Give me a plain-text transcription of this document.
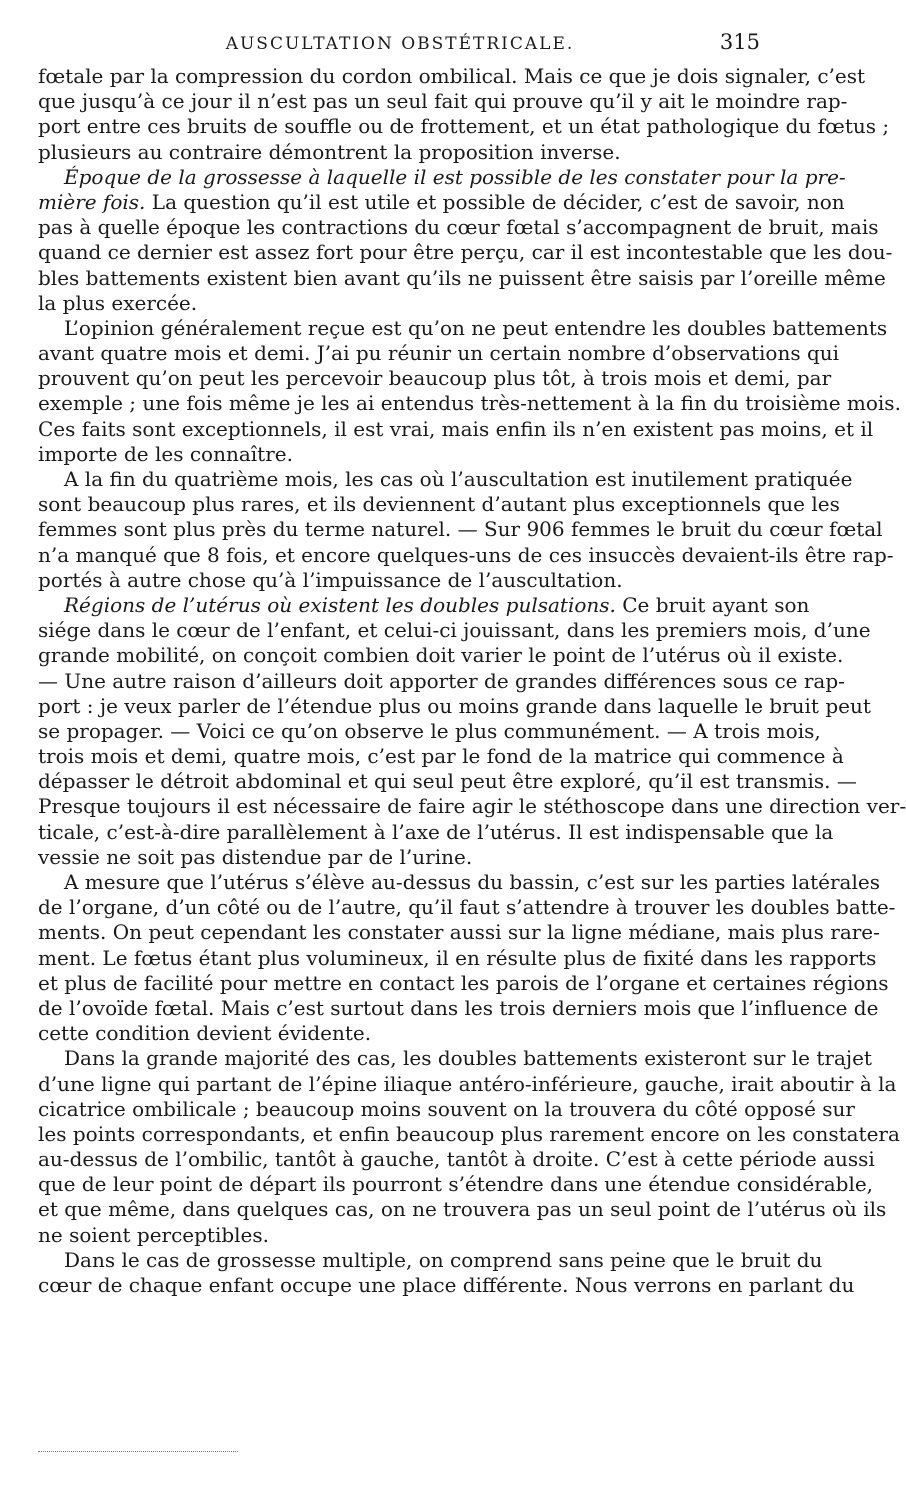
AUSCULTATION OBSTÉTRICALE.	315
fœtale par la compression du cordon ombilical. Mais ce que je dois signaler, c’est
que jusqu’à ce jour il n’est pas un seul fait qui prouve qu’il y ait le moindre rap-
port entre ces bruits de souffle ou de frottement, et un état pathologique du fœtus ;
plusieurs au contraire démontrent la proposition inverse.
Époque de la grossesse à laquelle il est possible de les constater pour la pre-
mière fois. La question qu’il est utile et possible de décider, c’est de savoir, non
pas à quelle époque les contractions du cœur fœtal s’accompagnent de bruit, mais
quand ce dernier est assez fort pour être perçu, car il est incontestable que les dou-
bles battements existent bien avant qu’ils ne puissent être saisis par l’oreille même
la plus exercée.
L’opinion généralement reçue est qu’on ne peut entendre les doubles battements
avant quatre mois et demi. J’ai pu réunir un certain nombre d’observations qui
prouvent qu’on peut les percevoir beaucoup plus tôt, à trois mois et demi, par
exemple ; une fois même je les ai entendus très-nettement à la fin du troisième mois.
Ces faits sont exceptionnels, il est vrai, mais enfin ils n’en existent pas moins, et il
importe de les connaître.
A la fin du quatrième mois, les cas où l’auscultation est inutilement pratiquée
sont beaucoup plus rares, et ils deviennent d’autant plus exceptionnels que les
femmes sont plus près du terme naturel. — Sur 906 femmes le bruit du cœur fœtal
n’a manqué que 8 fois, et encore quelques-uns de ces insuccès devaient-ils être rap-
portés à autre chose qu’à l’impuissance de l’auscultation.
Régions de l’utérus où existent les doubles pulsations. Ce bruit ayant son
siége dans le cœur de l’enfant, et celui-ci jouissant, dans les premiers mois, d’une
grande mobilité, on conçoit combien doit varier le point de l’utérus où il existe.
— Une autre raison d’ailleurs doit apporter de grandes différences sous ce rap-
port : je veux parler de l’étendue plus ou moins grande dans laquelle le bruit peut
se propager. — Voici ce qu’on observe le plus communément. — A trois mois,
trois mois et demi, quatre mois, c’est par le fond de la matrice qui commence à
dépasser le détroit abdominal et qui seul peut être exploré, qu’il est transmis. —
Presque toujours il est nécessaire de faire agir le stéthoscope dans une direction ver-
ticale, c’est-à-dire parallèlement à l’axe de l’utérus. Il est indispensable que la
vessie ne soit pas distendue par de l’urine.
A mesure que l’utérus s’élève au-dessus du bassin, c’est sur les parties latérales
de l’organe, d’un côté ou de l’autre, qu’il faut s’attendre à trouver les doubles batte-
ments. On peut cependant les constater aussi sur la ligne médiane, mais plus rare-
ment. Le fœtus étant plus volumineux, il en résulte plus de fixité dans les rapports
et plus de facilité pour mettre en contact les parois de l’organe et certaines régions
de l’ovoïde fœtal. Mais c’est surtout dans les trois derniers mois que l’influence de
cette condition devient évidente.
Dans la grande majorité des cas, les doubles battements existeront sur le trajet
d’une ligne qui partant de l’épine iliaque antéro-inférieure, gauche, irait aboutir à la
cicatrice ombilicale ; beaucoup moins souvent on la trouvera du côté opposé sur
les points correspondants, et enfin beaucoup plus rarement encore on les constatera
au-dessus de l’ombilic, tantôt à gauche, tantôt à droite. C’est à cette période aussi
que de leur point de départ ils pourront s’étendre dans une étendue considérable,
et que même, dans quelques cas, on ne trouvera pas un seul point de l’utérus où ils
ne soient perceptibles.
Dans le cas de grossesse multiple, on comprend sans peine que le bruit du
cœur de chaque enfant occupe une place différente. Nous verrons en parlant du
